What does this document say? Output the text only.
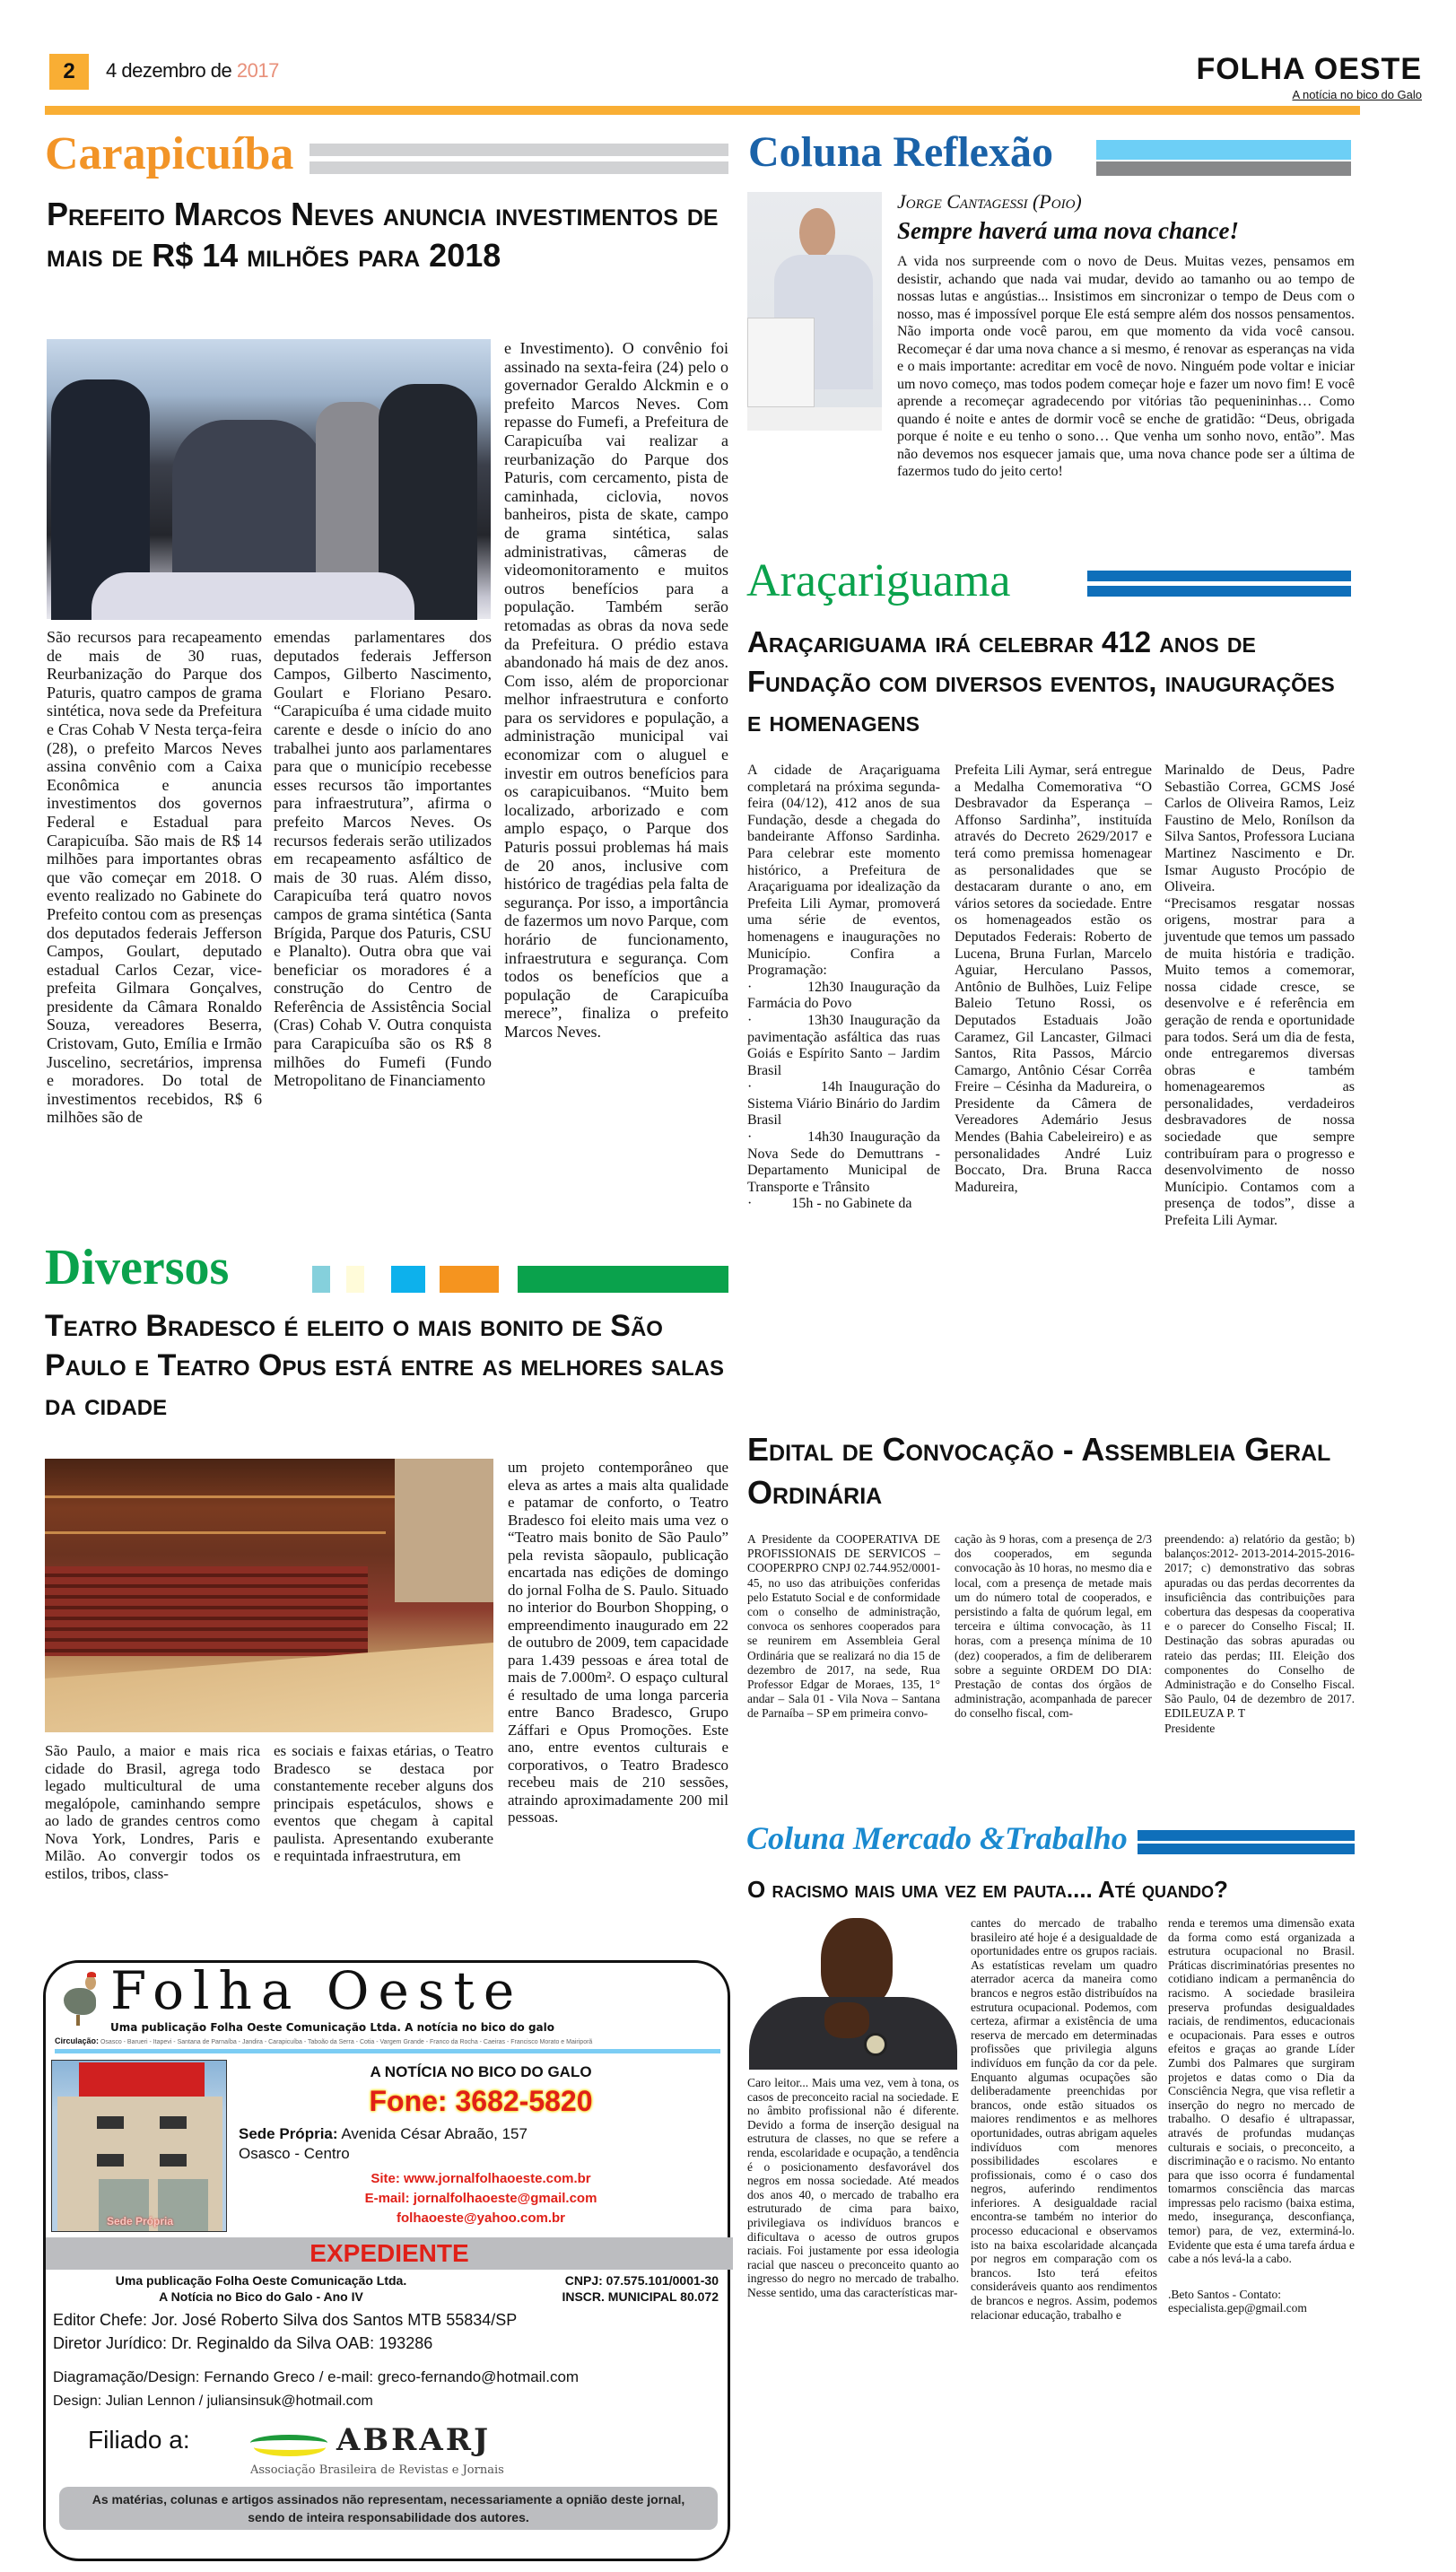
2	4 dezembro de 2017	FOLHA OESTE
A notícia no bico do Galo
Carapicuíba
Prefeito Marcos Neves anuncia investimentos de mais de R$ 14 milhões para 2018
e Investimento). O convênio foi assinado na sexta-feira (24) pelo o governador Geraldo Alckmin e o prefeito Marcos Neves. Com repasse do Fumefi, a Prefeitura de Carapicuíba vai realizar a reurbanização do Parque dos Paturis, com cercamento, pista de caminhada, ciclovia, novos banheiros, pista de skate, campo de grama sintética, salas administrativas, câmeras de videomonitoramento e muitos outros benefícios para a população. Também serão retomadas as obras da nova sede da Prefeitura. O prédio estava abandonado há mais de dez anos. Com isso, além de proporcionar melhor infraestrutura e conforto para os servidores e população, a administração municipal vai economizar com o aluguel e investir em outros benefícios para os carapicuibanos. “Muito bem localizado, arborizado e com amplo espaço, o Parque dos Paturis possui problemas há mais de 20 anos, inclusive com histórico de tragédias pela falta de segurança. Por isso, a importância de fazermos um novo Parque, com horário de funcionamento, infraestrutura e segurança. Com todos os benefícios que a população de Carapicuíba merece”, finaliza o prefeito Marcos Neves.
São recursos para recapeamento de mais de 30 ruas, Reurbanização do Parque dos Paturis, quatro campos de grama sintética, nova sede da Prefeitura e Cras Cohab V Nesta terça-feira (28), o prefeito Marcos Neves assina convênio com a Caixa Econômica e anuncia investimentos dos governos Federal e Estadual para Carapicuíba. São mais de R$ 14 milhões para importantes obras que vão começar em 2018. O evento realizado no Gabinete do Prefeito contou com as presenças dos deputados federais Jefferson Campos, Goulart, deputado estadual Carlos Cezar, vice-prefeita Gilmara Gonçalves, presidente da Câmara Ronaldo Souza, vereadores Beserra, Cristovam, Guto, Emília e Irmão Juscelino, secretários, imprensa e moradores. Do total de investimentos recebidos, R$ 6 milhões são de
emendas parlamentares dos deputados federais Jefferson Campos, Gilberto Nascimento, Goulart e Floriano Pesaro. “Carapicuíba é uma cidade muito carente e desde o início do ano trabalhei junto aos parlamentares para que o município recebesse esses recursos tão importantes para infraestrutura”, afirma o prefeito Marcos Neves. Os recursos federais serão utilizados em recapeamento asfáltico de mais de 30 ruas. Além disso, Carapicuíba terá quatro novos campos de grama sintética (Santa Brígida, Parque dos Paturis, CSU e Planalto). Outra obra que vai beneficiar os moradores é a construção do Centro de Referência de Assistência Social (Cras) Cohab V. Outra conquista para Carapicuíba são os R$ 8 milhões do Fumefi (Fundo Metropolitano de Financiamento
Diversos
Teatro Bradesco é eleito o mais bonito de São Paulo e Teatro Opus está entre as melhores salas da cidade
um projeto contemporâneo que eleva as artes a mais alta qualidade e patamar de conforto, o Teatro Bradesco foi eleito mais uma vez o “Teatro mais bonito de São Paulo” pela revista sãopaulo, publicação encartada nas edições de domingo do jornal Folha de S. Paulo. Situado no interior do Bourbon Shopping, o empreendimento inaugurado em 22 de outubro de 2009, tem capacidade para 1.439 pessoas e área total de mais de 7.000m². O espaço cultural é resultado de uma longa parceria entre Banco Bradesco, Grupo Záffari e Opus Promoções. Este ano, entre eventos culturais e corporativos, o Teatro Bradesco recebeu mais de 210 sessões, atraindo aproximadamente 200 mil pessoas.
São Paulo, a maior e mais rica cidade do Brasil, agrega todo legado multicultural de uma megalópole, caminhando sempre ao lado de grandes centros como Nova York, Londres, Paris e Milão. Ao convergir todos os estilos, tribos, class-
es sociais e faixas etárias, o Teatro Bradesco se destaca por constantemente receber alguns dos principais espetáculos, shows e eventos que chegam à capital paulista. Apresentando exuberante e requintada infraestrutura, em
Folha Oeste
Uma publicação Folha Oeste Comunicação Ltda. A notícia no bico do galo
Circulação: Osasco - Barueri - Itapevi - Santana de Parnaíba - Jandira - Carapicuíba - Taboão da Serra - Cotia - Vargem Grande - Franco da Rocha - Caeiras - Francisco Morato e Mairiporã
Sede Própria
A NOTÍCIA NO BICO DO GALO
Fone: 3682-5820
Sede Própria: Avenida César Abraão, 157
Osasco - Centro
Site: www.jornalfolhaoeste.com.br
E-mail: jornalfolhaoeste@gmail.com
folhaoeste@yahoo.com.br
EXPEDIENTE
Uma publicação Folha Oeste Comunicação Ltda.
A Notícia no Bico do Galo - Ano IV
CNPJ: 07.575.101/0001-30
INSCR. MUNICIPAL 80.072
Editor Chefe: Jor. José Roberto Silva dos Santos MTB 55834/SP
Diretor Jurídico: Dr. Reginaldo da Silva OAB: 193286
Diagramação/Design: Fernando Greco / e-mail: greco-fernando@hotmail.com
Design: Julian Lennon / juliansinsuk@hotmail.com
Filiado a:	ABRARJ
Associação Brasileira de Revistas e Jornais
As matérias, colunas e artigos assinados não representam, necessariamente a opnião deste jornal, sendo de inteira responsabilidade dos autores.
Coluna Reflexão
Jorge Cantagessi (Poio)
Sempre haverá uma nova chance!
A vida nos surpreende com o novo de Deus. Muitas vezes, pensamos em desistir, achando que nada vai mudar, devido ao tamanho ou ao tempo de nossas lutas e angústias... Insistimos em sincronizar o tempo de Deus com o nosso, mas é impossível porque Ele está sempre além dos nossos pensamentos. Não importa onde você parou, em que momento da vida você cansou. Recomeçar é dar uma nova chance a si mesmo, é renovar as esperanças na vida e o mais importante: acreditar em você de novo. Ninguém pode voltar e iniciar um novo começo, mas todos podem começar hoje e fazer um novo fim! E você aprende a recomeçar agradecendo por vitórias tão pequenininhas… Como quando é noite e antes de dormir você se enche de gratidão: “Deus, obrigada porque é noite e eu tenho o sono… Que venha um sonho novo, então”. Mas não devemos nos esquecer jamais que, uma nova chance pode ser a última de fazermos tudo do jeito certo!
Araçariguama
Araçariguama irá celebrar 412 anos de Fundação com diversos eventos, inaugurações e homenagens

A cidade de Araçariguama completará na próxima segunda-feira (04/12), 412 anos de sua Fundação, desde a chegada do bandeirante Affonso Sardinha. Para celebrar este momento histórico, a Prefeitura de Araçariguama por idealização da Prefeita Lili Aymar, promoverá uma série de eventos, homenagens e inaugurações no Município. Confira a Programação:

·         12h30 Inauguração da Farmácia do Povo

·         13h30 Inauguração da pavimentação asfáltica das ruas Goiás e Espírito Santo – Jardim Brasil

·           14h Inauguração do Sistema Viário Binário do Jardim Brasil

·         14h30 Inauguração da Nova Sede do Demuttrans - Departamento Municipal de Transporte e Trânsito

·           15h - no Gabinete da

Prefeita Lili Aymar, será entregue a Medalha Comemorativa “O Desbravador da Esperança – Affonso Sardinha”, instituída através do Decreto 2629/2017 e terá como premissa homenagear as personalidades que se destacaram durante o ano, em vários setores da sociedade. Entre os homenageados estão os Deputados Federais: Roberto de Lucena, Bruna Furlan, Marcelo Aguiar, Herculano Passos, Antônio de Bulhões, Luiz Felipe Baleio Tetuno Rossi, os Deputados Estaduais João Caramez, Gil Lancaster, Gilmaci Santos, Rita Passos, Márcio Camargo, Antônio César Corrêa Freire – Césinha da Madureira, o Presidente da Câmera de Vereadores Ademário Jesus Mendes (Bahia Cabeleireiro) e as personalidades André Luiz Boccato, Dra. Bruna Racca Madureira,

Marinaldo de Deus, Padre Sebastião Correa, GCMS José Carlos de Oliveira Ramos, Leiz Faustino de Melo, Ronílson da Silva Santos, Professora Luciana Martinez Nascimento e Dr. Ismar Augusto Procópio de Oliveira.

“Precisamos resgatar nossas origens, mostrar para a juventude que temos um passado de muita história e tradição. Muito temos a comemorar, nossa cidade cresce, se desenvolve e é referência em geração de renda e oportunidade para todos. Será um dia de festa, onde entregaremos diversas obras e também homenagearemos as personalidades, verdadeiros desbravadores de nossa sociedade que sempre contribuíram para o progresso e desenvolvimento de nosso Munícipio. Contamos com a presença de todos”, disse a Prefeita Lili Aymar.

Edital de Convocação - Assembleia Geral Ordinária
A Presidente da COOPERATIVA DE PROFISSIONAIS DE SERVICOS – COOPERPRO CNPJ 02.744.952/0001-45, no uso das atribuições conferidas pelo Estatuto Social e de conformidade com o conselho de administração, convoca os senhores cooperados para se reunirem em Assembleia Geral Ordinária que se realizará no dia 15 de dezembro de 2017, na sede, Rua Professor Edgar de Moraes, 135, 1° andar – Sala 01 - Vila Nova – Santana de Parnaíba – SP em primeira convo-
cação às 9 horas, com a presença de 2/3 dos cooperados, em segunda convocação às 10 horas, no mesmo dia e local, com a presença de metade mais um do número total de cooperados, e persistindo a falta de quórum legal, em terceira e última convocação, às 11 horas, com a presença mínima de 10 (dez) cooperados, a fim de deliberarem sobre a seguinte ORDEM DO DIA: Prestação de contas dos órgãos de administração, acompanhada de parecer do conselho fiscal, com-

preendendo: a) relatório da gestão; b) balanços:2012- 2013-2014-2015-2016- 2017; c) demonstrativo das sobras apuradas ou das perdas decorrentes da insuficiência das contribuições para cobertura das despesas da cooperativa e o parecer do Conselho Fiscal; II. Destinação das sobras apuradas ou rateio das perdas; III. Eleição dos componentes do Conselho de Administração e do Conselho Fiscal. São Paulo, 04 de dezembro de 2017. EDILEUZA P. T

Presidente

Coluna Mercado &Trabalho
O racismo mais uma vez em pauta.... Até quando?
Caro leitor... Mais uma vez, vem à tona, os casos de preconceito racial na sociedade. E no âmbito profissional não é diferente. Devido a forma de inserção desigual na estrutura de classes, no que se refere a renda, escolaridade e ocupação, a tendência é o posicionamento desfavorável dos negros em nossa sociedade. Até meados dos anos 40, o mercado de trabalho era estruturado de cima para baixo, privilegiava os indivíduos brancos e dificultava o acesso de outros grupos raciais. Foi justamente por essa ideologia racial que nasceu o preconceito quanto ao ingresso do negro no mercado de trabalho. Nesse sentido, uma das características mar-
cantes do mercado de trabalho brasileiro até hoje é a desigualdade de oportunidades entre os grupos raciais. As estatísticas revelam um quadro aterrador acerca da maneira como brancos e negros estão distribuídos na estrutura ocupacional. Podemos, com certeza, afirmar a existência de uma reserva de mercado em determinadas profissões que privilegia alguns indivíduos em função da cor da pele. Enquanto algumas ocupações são deliberadamente preenchidas por brancos, onde estão situados os maiores rendimentos e as melhores oportunidades, outras abrigam aqueles indivíduos com menores possibilidades escolares e profissionais, como é o caso dos negros, auferindo rendimentos inferiores. A desigualdade racial encontra-se também no interior do processo educacional e observamos isto na baixa escolaridade alcançada por negros em comparação com os brancos. Isto terá efeitos consideráveis quanto aos rendimentos de brancos e negros. Assim, podemos relacionar educação, trabalho e

renda e teremos uma dimensão exata da forma como está organizada a estrutura ocupacional no Brasil. Práticas discriminatórias presentes no cotidiano indicam a permanência do racismo. A sociedade brasileira preserva profundas desigualdades raciais, de rendimentos, educacionais e ocupacionais. Para esses e outros efeitos e graças ao grande Líder Zumbi dos Palmares que surgiram projetos e datas como o Dia da Consciência Negra, que visa refletir a inserção do negro no mercado de trabalho. O desafio é ultrapassar, através de profundas mudanças culturais e sociais, o preconceito, a discriminação e o racismo. No entanto para que isso ocorra é fundamental tomarmos consciência das marcas impressas pelo racismo (baixa estima, medo, insegurança, desconfiança, temor) para, de vez, exterminá-lo. Evidente que esta é uma tarefa árdua e cabe a nós levá-la a cabo.

.Beto Santos - Contato: especialista.gep@gmail.com
